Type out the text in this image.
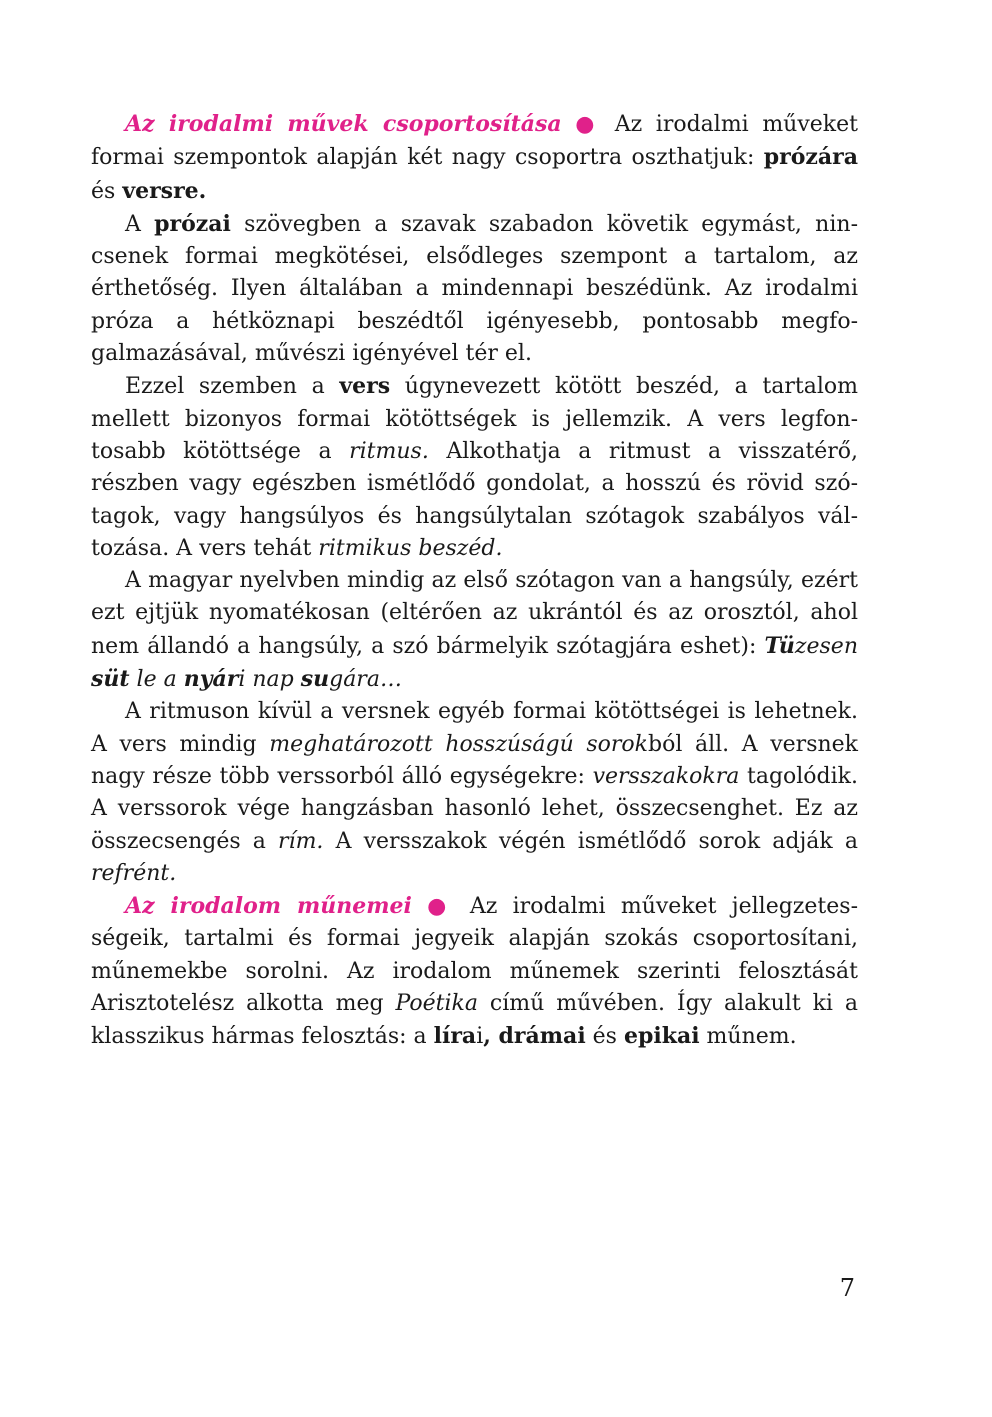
Az irodalmi művek csoportosítása ● Az irodalmi műveket formai szempontok alapján két nagy csoportra oszthatjuk: prózára és versre.

A prózai szövegben a szavak szabadon követik egymást, nincsenek formai megkötései, elsődleges szempont a tartalom, az érthetőség. Ilyen általában a mindennapi beszédünk. Az irodalmi próza a hétköznapi beszédtől igényesebb, pontosabb megfogalmazásával, művészi igényével tér el.

Ezzel szemben a vers úgynevezett kötött beszéd, a tartalom mellett bizonyos formai kötöttségek is jellemzik. A vers legfontosabb kötöttsége a ritmus. Alkothatja a ritmust a visszatérő, részben vagy egészben ismétlődő gondolat, a hosszú és rövid szótagok, vagy hangsúlyos és hangsúlytalan szótagok szabályos változása. A vers tehát ritmikus beszéd.

A magyar nyelvben mindig az első szótagon van a hangsúly, ezért ezt ejtjük nyomatékosan (eltérően az ukrántól és az orosztól, ahol nem állandó a hangsúly, a szó bármelyik szótagjára eshet): Tüzesen süt le a nyári nap sugára…

A ritmuson kívül a versnek egyéb formai kötöttségei is lehetnek. A vers mindig meghatározott hosszúságú sorokból áll. A versnek nagy része több verssorból álló egységekre: versszakokra tagolódik. A verssorok vége hangzásban hasonló lehet, összecsenghet. Ez az összecsengés a rím. A versszakok végén ismétlődő sorok adják a refrént.

Az irodalom műnemei ● Az irodalmi műveket jellegzetességeik, tartalmi és formai jegyeik alapján szokás csoportosítani, műnemekbe sorolni. Az irodalom műnemek szerinti felosztását Arisztotelész alkotta meg Poétika című művében. Így alakult ki a klasszikus hármas felosztás: a lírai, drámai és epikai műnem.

7
